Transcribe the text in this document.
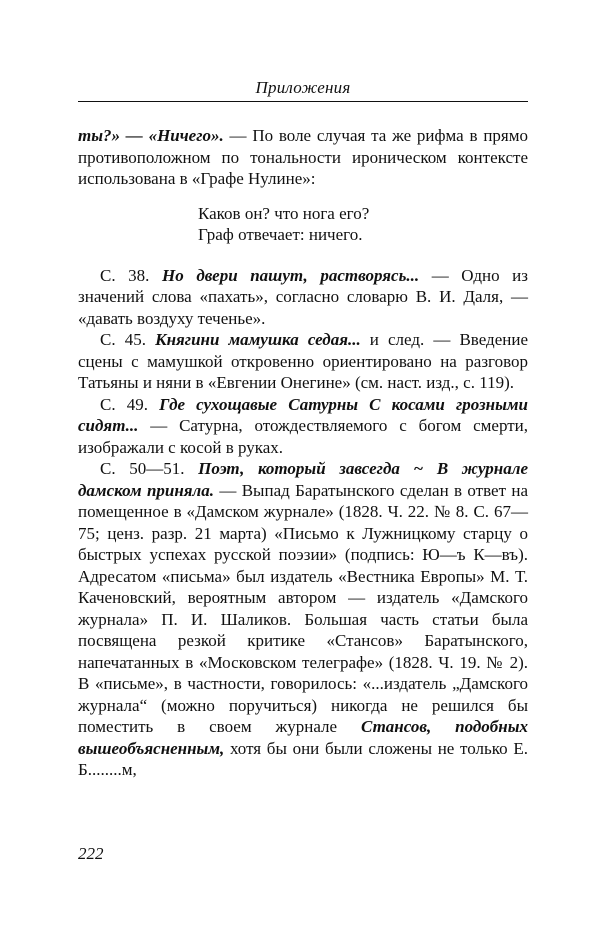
Приложения

ты?» — «Ничего». — По воле случая та же рифма в прямо противоположном по тональности ироническом контексте использована в «Графе Нулине»:

Каков он? что нога его?
Граф отвечает: ничего.

С. 38. Но двери пашут, растворясь... — Одно из значений слова «пахать», согласно словарю В. И. Даля, — «давать воздуху теченье».

С. 45. Княгини мамушка седая... и след. — Введение сцены с мамушкой откровенно ориентировано на разговор Татьяны и няни в «Евгении Онегине» (см. наст. изд., с. 119).

С. 49. Где сухощавые Сатурны С косами грозными сидят... — Сатурна, отождествляемого с богом смерти, изображали с косой в руках.

С. 50—51. Поэт, который завсегда ~ В журнале дамском приняла. — Выпад Баратынского сделан в ответ на помещенное в «Дамском журнале» (1828. Ч. 22. № 8. С. 67—75; ценз. разр. 21 марта) «Письмо к Лужницкому старцу о быстрых успехах русской поэзии» (подпись: Ю—ъ К—въ). Адресатом «письма» был издатель «Вестника Европы» М. Т. Каченовский, вероятным автором — издатель «Дамского журнала» П. И. Шаликов. Большая часть статьи была посвящена резкой критике «Стансов» Баратынского, напечатанных в «Московском телеграфе» (1828. Ч. 19. № 2). В «письме», в частности, говорилось: «...издатель „Дамского журнала“ (можно поручиться) никогда не решился бы поместить в своем журнале Стансов, подобных вышеобъясненным, хотя бы они были сложены не только Е. Б........м,

222
